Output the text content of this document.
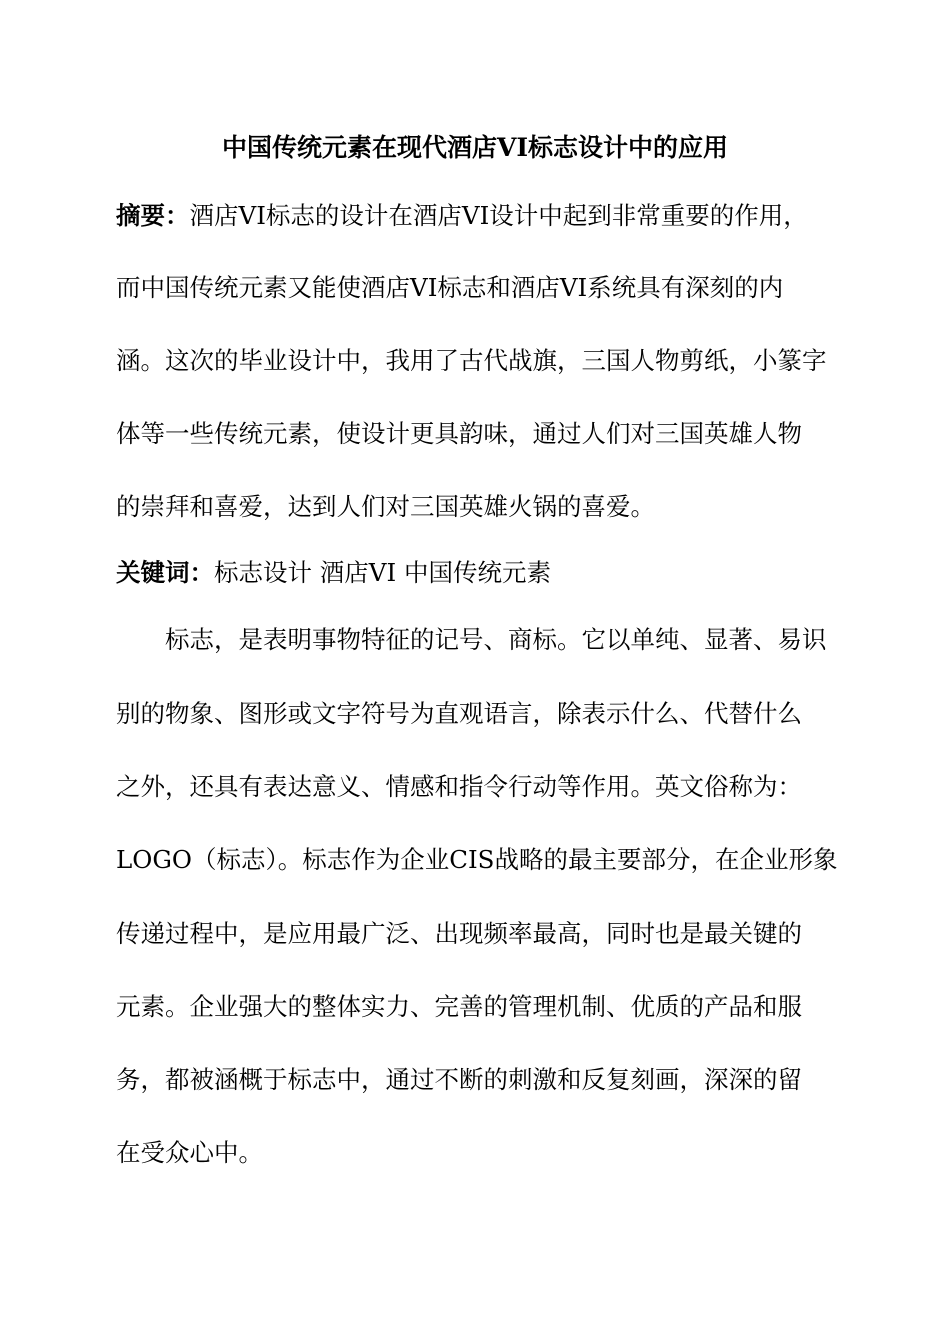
中国传统元素在现代酒店VI标志设计中的应用
摘要：酒店VI标志的设计在酒店VI设计中起到非常重要的作用，
而中国传统元素又能使酒店VI标志和酒店VI系统具有深刻的内
涵。这次的毕业设计中，我用了古代战旗，三国人物剪纸，小篆字
体等一些传统元素，使设计更具韵味，通过人们对三国英雄人物
的崇拜和喜爱，达到人们对三国英雄火锅的喜爱。
关键词：标志设计 酒店VI 中国传统元素
标志，是表明事物特征的记号、商标。它以单纯、显著、易识
别的物象、图形或文字符号为直观语言，除表示什么、代替什么
之外，还具有表达意义、情感和指令行动等作用。英文俗称为：
LOGO（标志）。标志作为企业CIS战略的最主要部分，在企业形象
传递过程中，是应用最广泛、出现频率最高，同时也是最关键的
元素。企业强大的整体实力、完善的管理机制、优质的产品和服
务，都被涵概于标志中，通过不断的刺激和反复刻画，深深的留
在受众心中。
